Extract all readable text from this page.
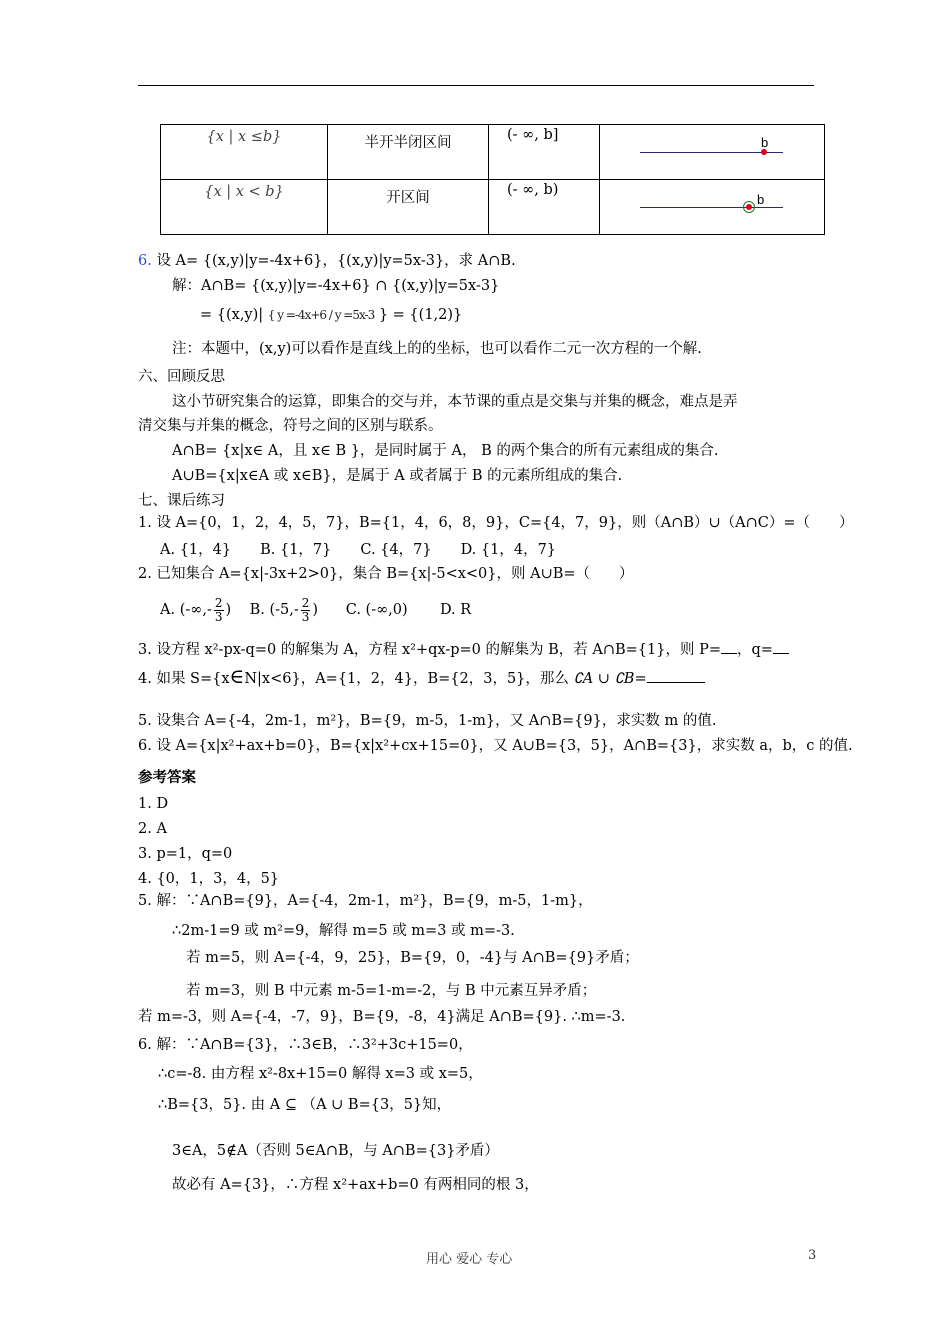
{x | x ≤b}	半开半闭区间	(- ∞, b]	b

{x | x < b}	开区间	(- ∞, b)	b
6. 设 A= {(x,y)|y=-4x+6}，{(x,y)|y=5x-3}，求 A∩B.
解：A∩B= {(x,y)|y=-4x+6} ∩ {(x,y)|y=5x-3}
= {(x,y)| { y =-4x+6 / y =5x-3 } = {(1,2)}
注：本题中，(x,y)可以看作是直线上的的坐标，也可以看作二元一次方程的一个解.
六、回顾反思
这小节研究集合的运算，即集合的交与并，本节课的重点是交集与并集的概念，难点是弄
清交集与并集的概念，符号之间的区别与联系。
A∩B= {x|x∈ A，且 x∈ B }，是同时属于 A， B 的两个集合的所有元素组成的集合.
A∪B={x|x∈A 或 x∈B}，是属于 A 或者属于 B 的元素所组成的集合.
七、课后练习
1. 设 A={0，1，2，4，5，7}，B={1，4，6，8，9}，C={4，7，9}，则（A∩B）∪（A∩C）=（　　）
A. {1，4}　　B. {1，7}　　C. {4，7}　　D. {1，4，7}
2. 已知集合 A={x|-3x+2>0}，集合 B={x|-5<x<0}，则 A∪B=（　　）
A. (-∞,- $\frac{2}{3}$ ) B. ($-5,- \frac{2}{3}$ ) C. (-∞,0) D. R
3. 设方程 x²-px-q=0 的解集为 A，方程 x²+qx-p=0 的解集为 B，若 A∩B={1}，则 P= ，q=
4. 如果 S={x∈N|x<6}，A={1，2，4}，B={2，3，5}，那么 ∁A ∪ ∁B=
5. 设集合 A={-4，2m-1，m²}，B={9，m-5，1-m}，又 A∩B={9}，求实数 m 的值.
6. 设 A={x|x²+ax+b=0}，B={x|x²+cx+15=0}，又 A∪B={3，5}，A∩B={3}，求实数 a，b，c 的值.
参考答案
1. D
2. A
3. p=1，q=0
4. {0，1，3，4，5}
5. 解：∵A∩B={9}，A={-4，2m-1，m²}，B={9，m-5，1-m}，
∴2m-1=9 或 m²=9，解得 m=5 或 m=3 或 m=-3.
若 m=5，则 A={-4，9，25}，B={9，0，-4}与 A∩B={9}矛盾；
若 m=3，则 B 中元素 m-5=1-m=-2，与 B 中元素互异矛盾；
若 m=-3，则 A={-4，-7，9}，B={9，-8，4}满足 A∩B={9}. ∴m=-3.
6. 解：∵A∩B={3}，∴3∈B，∴3²+3c+15=0，
∴c=-8. 由方程 x²-8x+15=0 解得 x=3 或 x=5，
∴B={3，5}. 由 A ⊆ （A ∪ B={3，5}知，
3∈A，5∉A（否则 5∈A∩B，与 A∩B={3}矛盾）
故必有 A={3}，∴方程 x²+ax+b=0 有两相同的根 3，
用心 爱心 专心	3
